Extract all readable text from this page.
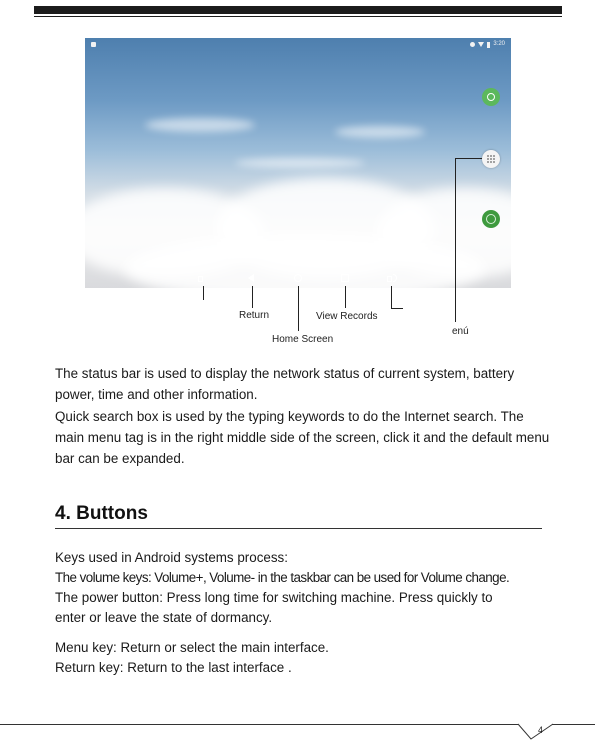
3:20
Return	View Records
Home Screen
enú

The status bar is used to display the network status of current system, battery power, time and other information.

Quick search box is used by the typing keywords to do the Internet search. The main menu tag is in the right middle side of the screen, click it and the default menu bar can be expanded.

4. Buttons
Keys used in Android systems process:
The volume keys: Volume+, Volume- in the taskbar can be used for Volume change.
The power button: Press long time for switching machine. Press quickly to
enter or leave the state of dormancy.
Menu key: Return or select the main interface.
Return key: Return to the last interface .
4
